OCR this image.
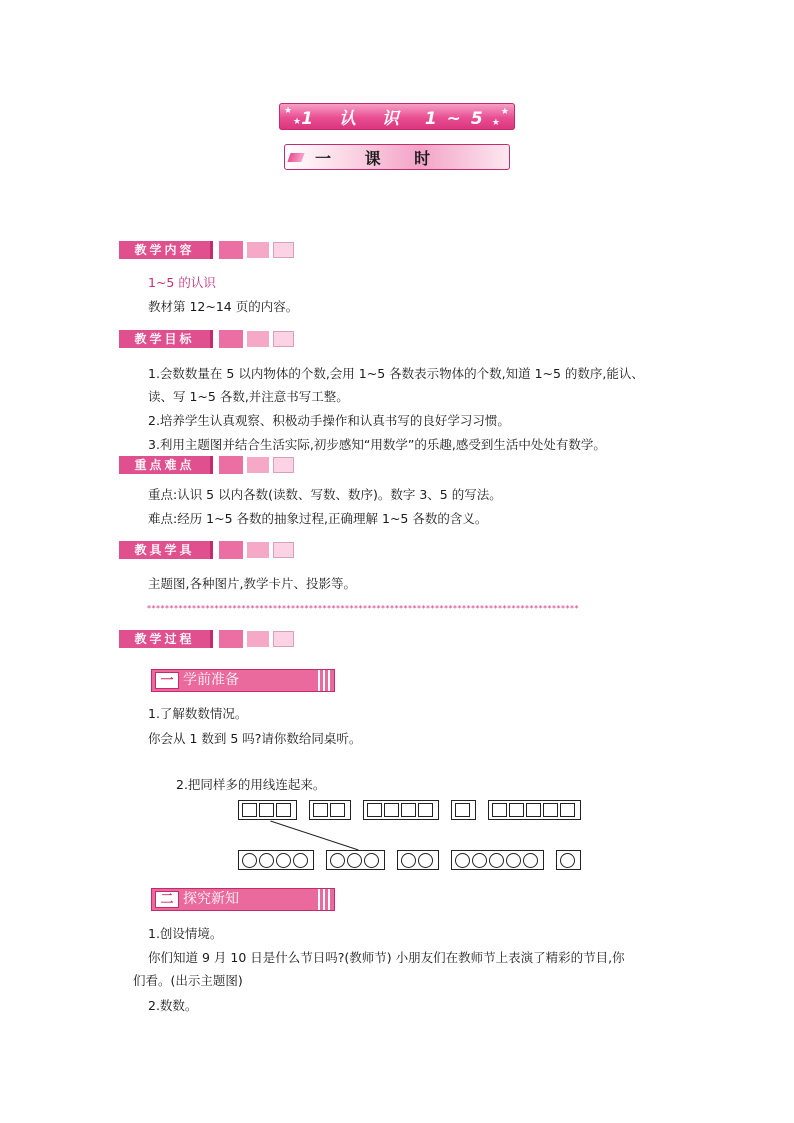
★
★
★
★
1 认 识 1~5
一 课 时
教学内容
1~5 的认识
教材第 12~14 页的内容。
教学目标
1.会数数量在 5 以内物体的个数,会用 1~5 各数表示物体的个数,知道 1~5 的数序,能认、
读、写 1~5 各数,并注意书写工整。
2.培养学生认真观察、积极动手操作和认真书写的良好学习习惯。
3.利用主题图并结合生活实际,初步感知“用数学”的乐趣,感受到生活中处处有数学。
重点难点
重点:认识 5 以内各数(读数、写数、数序)。数字 3、5 的写法。
难点:经历 1~5 各数的抽象过程,正确理解 1~5 各数的含义。
教具学具
主题图,各种图片,教学卡片、投影等。
************************************************************************************************
教学过程
一 学前准备
1.了解数数情况。
你会从 1 数到 5 吗?请你数给同桌听。
2.把同样多的用线连起来。
二 探究新知
1.创设情境。
你们知道 9 月 10 日是什么节日吗?(教师节) 小朋友们在教师节上表演了精彩的节目,你
们看。(出示主题图)
2.数数。
